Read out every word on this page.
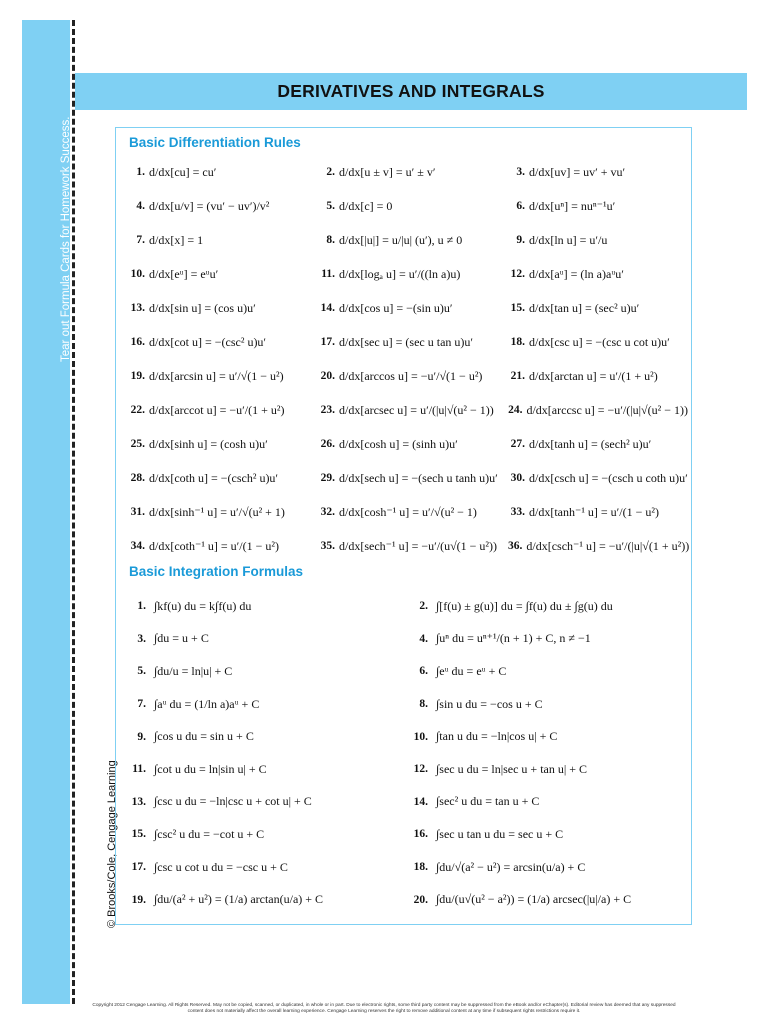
Tear out Formula Cards for Homework Success.
© Brooks/Cole, Cengage Learning
DERIVATIVES AND INTEGRALS
Basic Differentiation Rules
1. d/dx[cu] = cu′	2. d/dx[u ± v] = u′ ± v′	3. d/dx[uv] = uv′ + vu′
4. d/dx[u/v] = (vu′ − uv′)/v²	5. d/dx[c] = 0	6. d/dx[uⁿ] = nuⁿ⁻¹u′
7. d/dx[x] = 1	8. d/dx[|u|] = u/|u| (u′), u ≠ 0	9. d/dx[ln u] = u′/u
10. d/dx[eᵘ] = eᵘu′	11. d/dx[logₐ u] = u′/((ln a)u)	12. d/dx[aᵘ] = (ln a)aᵘu′
13. d/dx[sin u] = (cos u)u′	14. d/dx[cos u] = −(sin u)u′	15. d/dx[tan u] = (sec² u)u′
16. d/dx[cot u] = −(csc² u)u′	17. d/dx[sec u] = (sec u tan u)u′	18. d/dx[csc u] = −(csc u cot u)u′
19. d/dx[arcsin u] = u′/√(1 − u²)	20. d/dx[arccos u] = −u′/√(1 − u²) 21. d/dx[arctan u] = u′/(1 + u²)
22. d/dx[arccot u] = −u′/(1 + u²)	23. d/dx[arcsec u] = u′/(|u|√(u² − 1)) 24. d/dx[arccsc u] = −u′/(|u|√(u² − 1))
25. d/dx[sinh u] = (cosh u)u′	26. d/dx[cosh u] = (sinh u)u′	27. d/dx[tanh u] = (sech² u)u′
28. d/dx[coth u] = −(csch² u)u′	29. d/dx[sech u] = −(sech u tanh u)u′ 30. d/dx[csch u] = −(csch u coth u)u′
31. d/dx[sinh⁻¹ u] = u′/√(u² + 1)	32. d/dx[cosh⁻¹ u] = u′/√(u² − 1)	33. d/dx[tanh⁻¹ u] = u′/(1 − u²)
34. d/dx[coth⁻¹ u] = u′/(1 − u²)	35. d/dx[sech⁻¹ u] = −u′/(u√(1 − u²)) 36. d/dx[csch⁻¹ u] = −u′/(|u|√(1 + u²))
Basic Integration Formulas
1. ∫kf(u) du = k∫f(u) du	2. ∫[f(u) ± g(u)] du = ∫f(u) du ± ∫g(u) du
3. ∫du = u + C	4. ∫uⁿ du = uⁿ⁺¹/(n + 1) + C, n ≠ −1
5. ∫du/u = ln|u| + C	6. ∫eᵘ du = eᵘ + C
7. ∫aᵘ du = (1/ln a)aᵘ + C	8. ∫sin u du = −cos u + C
9. ∫cos u du = sin u + C	10. ∫tan u du = −ln|cos u| + C
11. ∫cot u du = ln|sin u| + C	12. ∫sec u du = ln|sec u + tan u| + C
13. ∫csc u du = −ln|csc u + cot u| + C	14. ∫sec² u du = tan u + C
15. ∫csc² u du = −cot u + C	16. ∫sec u tan u du = sec u + C
17. ∫csc u cot u du = −csc u + C	18. ∫du/√(a² − u²) = arcsin(u/a) + C
19. ∫du/(a² + u²) = (1/a) arctan(u/a) + C	20. ∫du/(u√(u² − a²)) = (1/a) arcsec(|u|/a) + C
Copyright 2012 Cengage Learning. All Rights Reserved. May not be copied, scanned, or duplicated, in whole or in part. Due to electronic rights, some third party content may be suppressed from the eBook and/or eChapter(s). Editorial review has deemed that any suppressed content does not materially affect the overall learning experience. Cengage Learning reserves the right to remove additional content at any time if subsequent rights restrictions require it.
